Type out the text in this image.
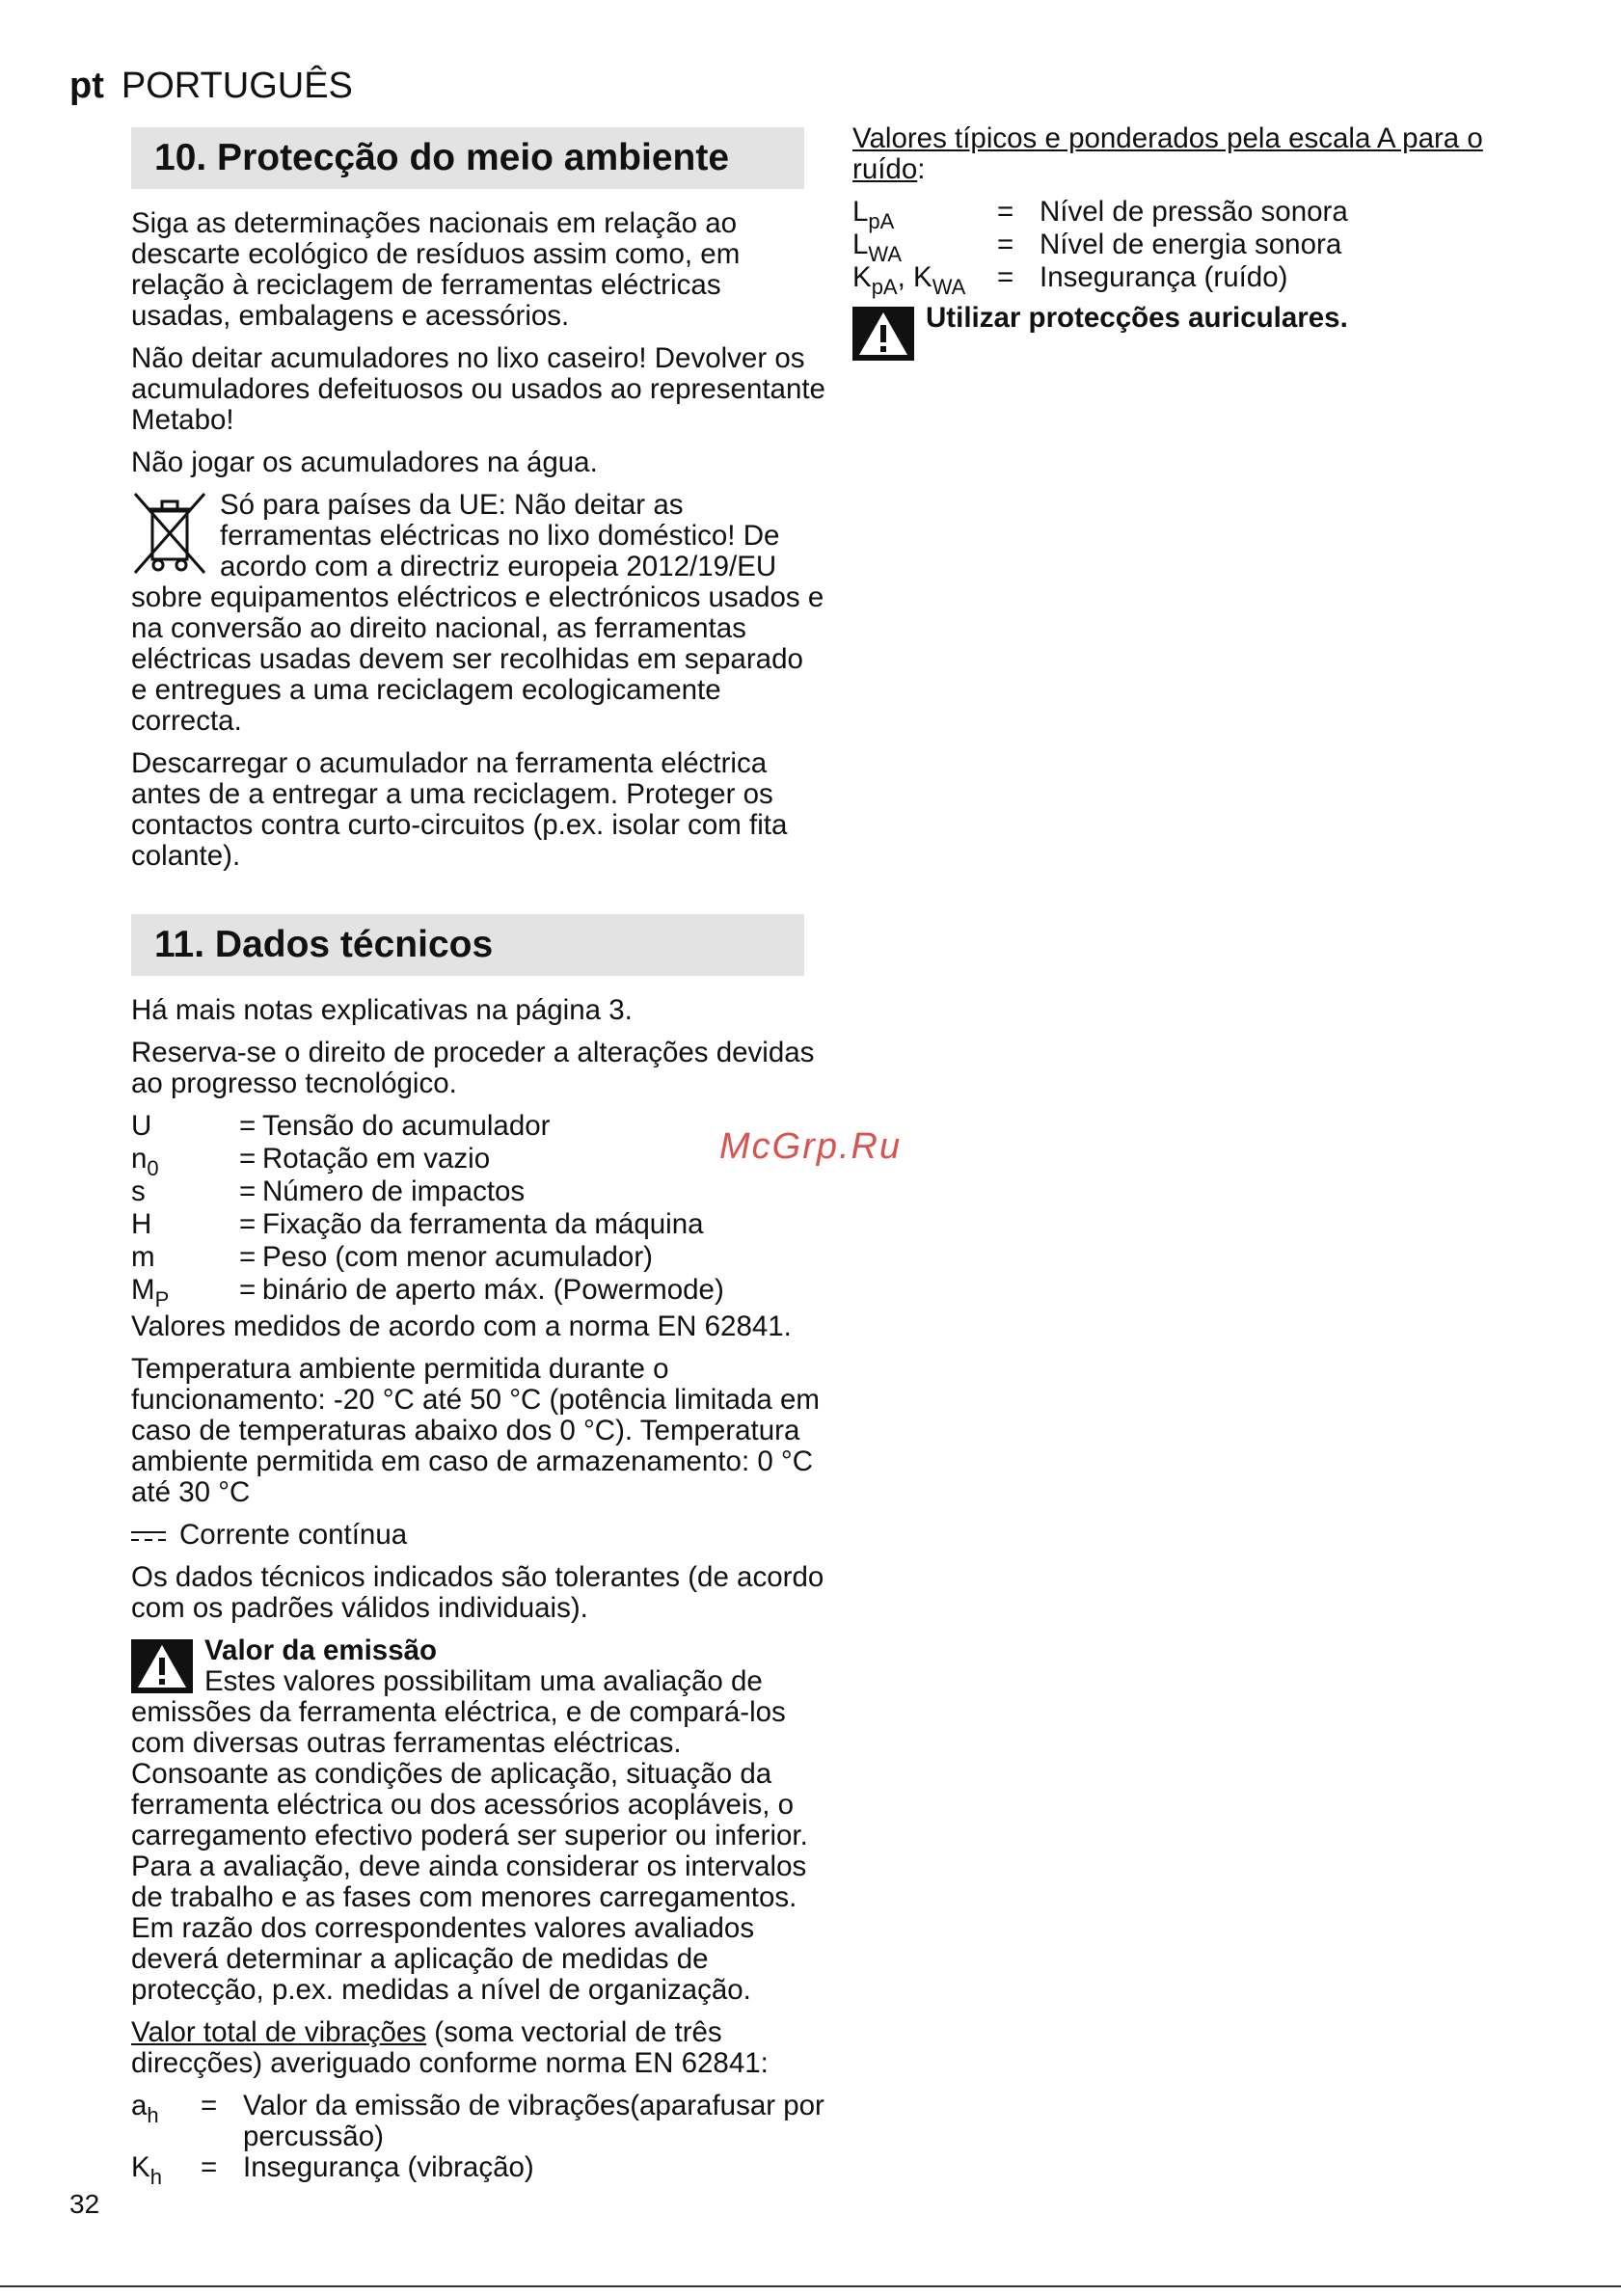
pt PORTUGUÊS
10. Protecção do meio ambiente

Siga as determinações nacionais em relação ao descarte ecológico de resíduos assim como, em relação à reciclagem de ferramentas eléctricas usadas, embalagens e acessórios.

Não deitar acumuladores no lixo caseiro! Devolver os acumuladores defeituosos ou usados ao representante Metabo!

Não jogar os acumuladores na água.

Só para países da UE: Não deitar as ferramentas eléctricas no lixo doméstico! De acordo com a directriz europeia 2012/19/EU sobre equipamentos eléctricos e electrónicos usados e na conversão ao direito nacional, as ferramentas eléctricas usadas devem ser recolhidas em separado e entregues a uma reciclagem ecologicamente correcta.

Descarregar o acumulador na ferramenta eléctrica antes de a entregar a uma reciclagem. Proteger os contactos contra curto-circuitos (p.ex. isolar com fita colante).

11. Dados técnicos

Há mais notas explicativas na página 3.

Reserva-se o direito de proceder a alterações devidas ao progresso tecnológico.

U	= Tensão do acumulador
$n_0$	= Rotação em vazio
s	= Número de impactos
H	= Fixação da ferramenta da máquina
m	= Peso (com menor acumulador)
$M_P$	= binário de aperto máx. (Powermode)

Valores medidos de acordo com a norma EN 62841.

Temperatura ambiente permitida durante o funcionamento: -20 °C até 50 °C (potência limitada em caso de temperaturas abaixo dos 0 °C). Temperatura ambiente permitida em caso de armazenamento: 0 °C até 30 °C

Corrente contínua

Os dados técnicos indicados são tolerantes (de acordo com os padrões válidos individuais).

Valor da emissão

Estes valores possibilitam uma avaliação de emissões da ferramenta eléctrica, e de compará-los com diversas outras ferramentas eléctricas. Consoante as condições de aplicação, situação da ferramenta eléctrica ou dos acessórios acopláveis, o carregamento efectivo poderá ser superior ou inferior. Para a avaliação, deve ainda considerar os intervalos de trabalho e as fases com menores carregamentos. Em razão dos correspondentes valores avaliados deverá determinar a aplicação de medidas de protecção, p.ex. medidas a nível de organização.

Valor total de vibrações (soma vectorial de três direcções) averiguado conforme norma EN 62841:

$a_h$	= Valor da emissão de vibrações(aparafusar por percussão)
$K_h$	= Insegurança (vibração)

Valores típicos e ponderados pela escala A para o ruído:

$L_{pA}$	= Nível de pressão sonora
$L_{WA}$	= Nível de energia sonora
$K_{pA}$, $K_{WA}$	= Insegurança (ruído)
Utilizar protecções auriculares.
McGrp.Ru
32
